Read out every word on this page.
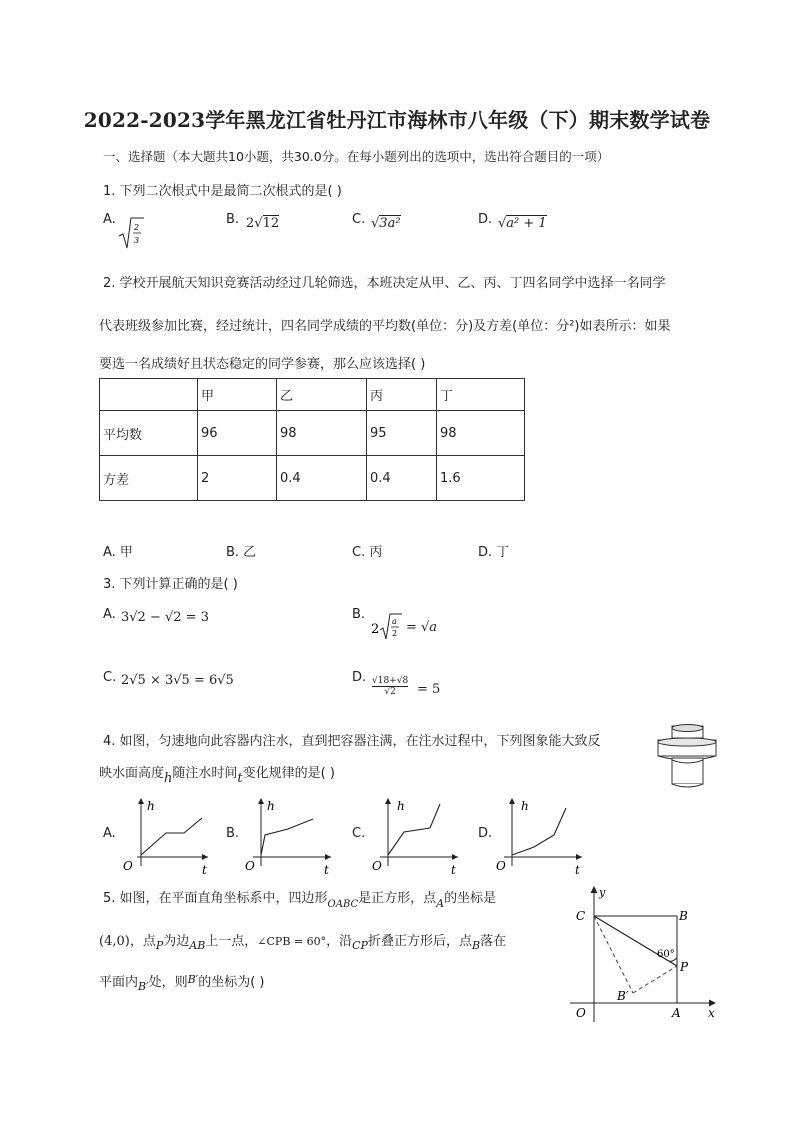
2022-2023学年黑龙江省牡丹江市海林市八年级（下）期末数学试卷
一、选择题（本大题共10小题，共30.0分。在每小题列出的选项中，选出符合题目的一项）
1. 下列二次根式中是最简二次根式的是( )
A.
2
3
B. 2√12	C. √3a²	D. √a² + 1
2. 学校开展航天知识竞赛活动经过几轮筛选，本班决定从甲、乙、丙、丁四名同学中选择一名同学
代表班级参加比赛，经过统计，四名同学成绩的平均数(单位：分)及方差(单位：分²)如表所示：如果
要选一名成绩好且状态稳定的同学参赛，那么应该选择( )
	甲	乙	丙	丁
平均数	96	98	95	98
方差	2	0.4	0.4	1.6
A. 甲	B. 乙	C. 丙	D. 丁
3. 下列计算正确的是( )
A. 3√2 − √2 = 3	B.
2
a
2 = √a
C. 2√5 × 3√5 = 6√5	D. $\frac{√18+√8}{√2} = 5$
4. 如图，匀速地向此容器内注水，直到把容器注满，在注水过程中，下列图象能大致反
映水面高度h随注水时间t变化规律的是( )
A.
h
t
O
B.
h
t
O
C.
h
t
O
D.
h
t
O
5. 如图，在平面直角坐标系中，四边形$_{OABC}$是正方形，点$_A$的坐标是
(4,0)，点$_P$为边$_{AB}$上一点，∠CPB = 60°，沿$_{CP}$折叠正方形后，点$_B$落在
平面内$_{B'}$处，则$^{B'}$的坐标为( )
y
C	B
60°
P
B′
O	A x
